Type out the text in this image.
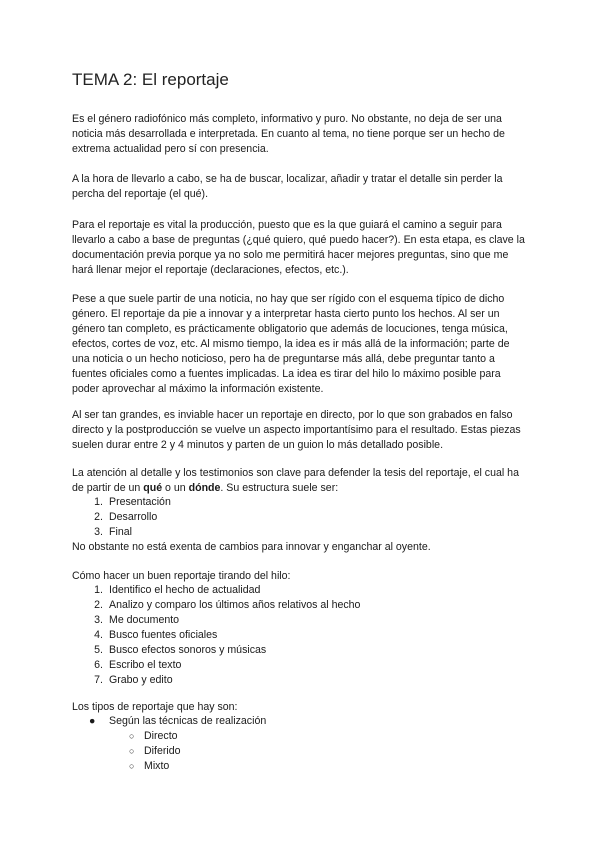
TEMA 2: El reportaje

Es el género radiofónico más completo, informativo y puro. No obstante, no deja de ser una noticia más desarrollada e interpretada. En cuanto al tema, no tiene porque ser un hecho de extrema actualidad pero sí con presencia.

A la hora de llevarlo a cabo, se ha de buscar, localizar, añadir y tratar el detalle sin perder la percha del reportaje (el qué).

Para el reportaje es vital la producción, puesto que es la que guiará el camino a seguir para llevarlo a cabo a base de preguntas (¿qué quiero, qué puedo hacer?). En esta etapa, es clave la documentación previa porque ya no solo me permitirá hacer mejores preguntas, sino que me hará llenar mejor el reportaje (declaraciones, efectos, etc.).

Pese a que suele partir de una noticia, no hay que ser rígido con el esquema típico de dicho género. El reportaje da pie a innovar y a interpretar hasta cierto punto los hechos. Al ser un género tan completo, es prácticamente obligatorio que además de locuciones, tenga música, efectos, cortes de voz, etc. Al mismo tiempo, la idea es ir más allá de la información; parte de una noticia o un hecho noticioso, pero ha de preguntarse más allá, debe preguntar tanto a fuentes oficiales como a fuentes implicadas. La idea es tirar del hilo lo máximo posible para poder aprovechar al máximo la información existente.

Al ser tan grandes, es inviable hacer un reportaje en directo, por lo que son grabados en falso directo y la postproducción se vuelve un aspecto importantísimo para el resultado. Estas piezas suelen durar entre 2 y 4 minutos y parten de un guion lo más detallado posible.

La atención al detalle y los testimonios son clave para defender la tesis del reportaje, el cual ha de partir de un qué o un dónde. Su estructura suele ser:

1. Presentación
2. Desarrollo
3. Final

No obstante no está exenta de cambios para innovar y enganchar al oyente.

Cómo hacer un buen reportaje tirando del hilo:

1. Identifico el hecho de actualidad
2. Analizo y comparo los últimos años relativos al hecho
3. Me documento
4. Busco fuentes oficiales
5. Busco efectos sonoros y músicas
6. Escribo el texto
7. Grabo y edito

Los tipos de reportaje que hay son:

● Según las técnicas de realización
○ Directo
○ Diferido
○ Mixto
